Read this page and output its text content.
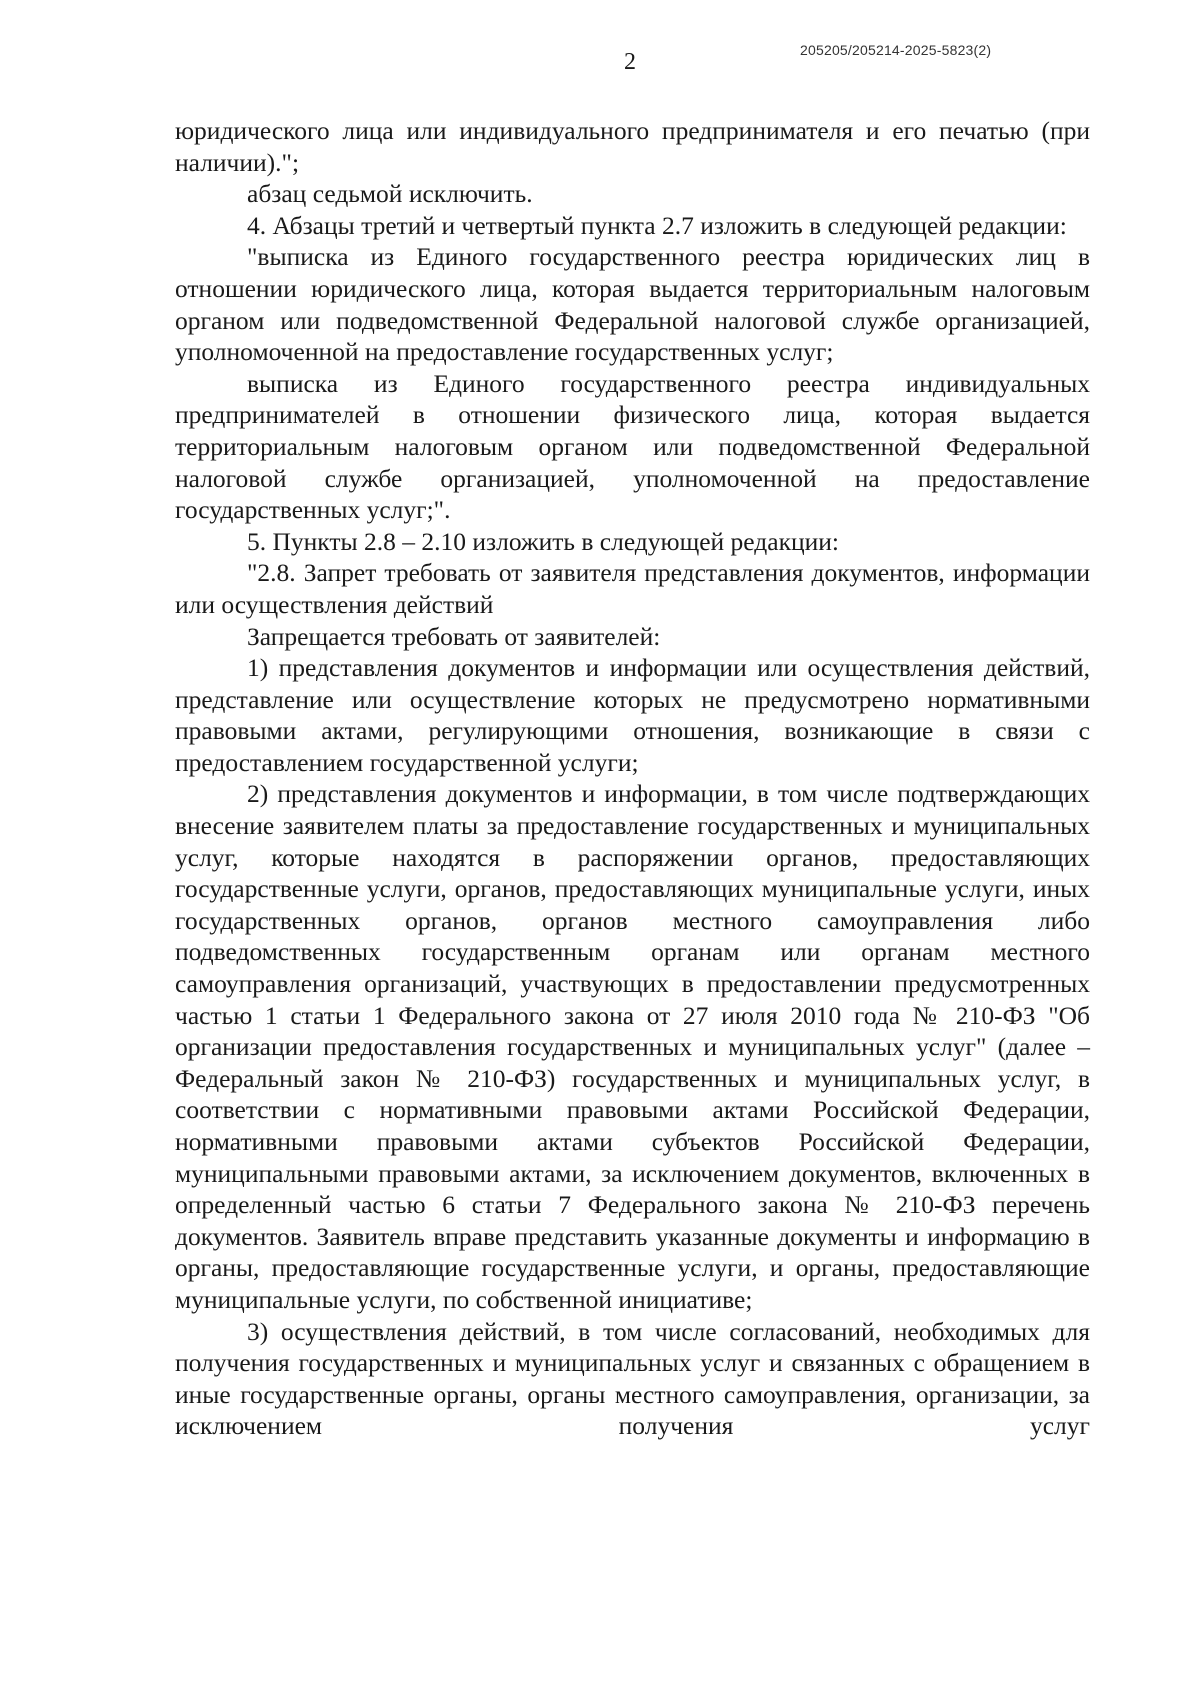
2	205205/205214-2025-5823(2)

юридического лица или индивидуального предпринимателя и его печатью (при наличии).";

абзац седьмой исключить.

4. Абзацы третий и четвертый пункта 2.7 изложить в следующей редакции:

"выписка из Единого государственного реестра юридических лиц в отношении юридического лица, которая выдается территориальным налоговым органом или подведомственной Федеральной налоговой службе организацией, уполномоченной на предоставление государственных услуг;

выписка из Единого государственного реестра индивидуальных предпринимателей в отношении физического лица, которая выдается территориальным налоговым органом или подведомственной Федеральной налоговой службе организацией, уполномоченной на предоставление государственных услуг;".

5. Пункты 2.8 – 2.10 изложить в следующей редакции:

"2.8. Запрет требовать от заявителя представления документов, информации или осуществления действий

Запрещается требовать от заявителей:

1) представления документов и информации или осуществления действий, представление или осуществление которых не предусмотрено нормативными правовыми актами, регулирующими отношения, возникающие в связи с предоставлением государственной услуги;

2) представления документов и информации, в том числе подтверждающих внесение заявителем платы за предоставление государственных и муниципальных услуг, которые находятся в распоряжении органов, предоставляющих государственные услуги, органов, предоставляющих муниципальные услуги, иных государственных органов, органов местного самоуправления либо подведомственных государственным органам или органам местного самоуправления организаций, участвующих в предоставлении предусмотренных частью 1 статьи 1 Федерального закона от 27 июля 2010 года № 210-ФЗ "Об организации предоставления государственных и муниципальных услуг" (далее – Федеральный закон № 210-ФЗ) государственных и муниципальных услуг, в соответствии с нормативными правовыми актами Российской Федерации, нормативными правовыми актами субъектов Российской Федерации, муниципальными правовыми актами, за исключением документов, включенных в определенный частью 6 статьи 7 Федерального закона № 210-ФЗ перечень документов. Заявитель вправе представить указанные документы и информацию в органы, предоставляющие государственные услуги, и органы, предоставляющие муниципальные услуги, по собственной инициативе;

3) осуществления действий, в том числе согласований, необходимых для получения государственных и муниципальных услуг и связанных с обращением в иные государственные органы, органы местного самоуправления, организации, за исключением получения услуг
